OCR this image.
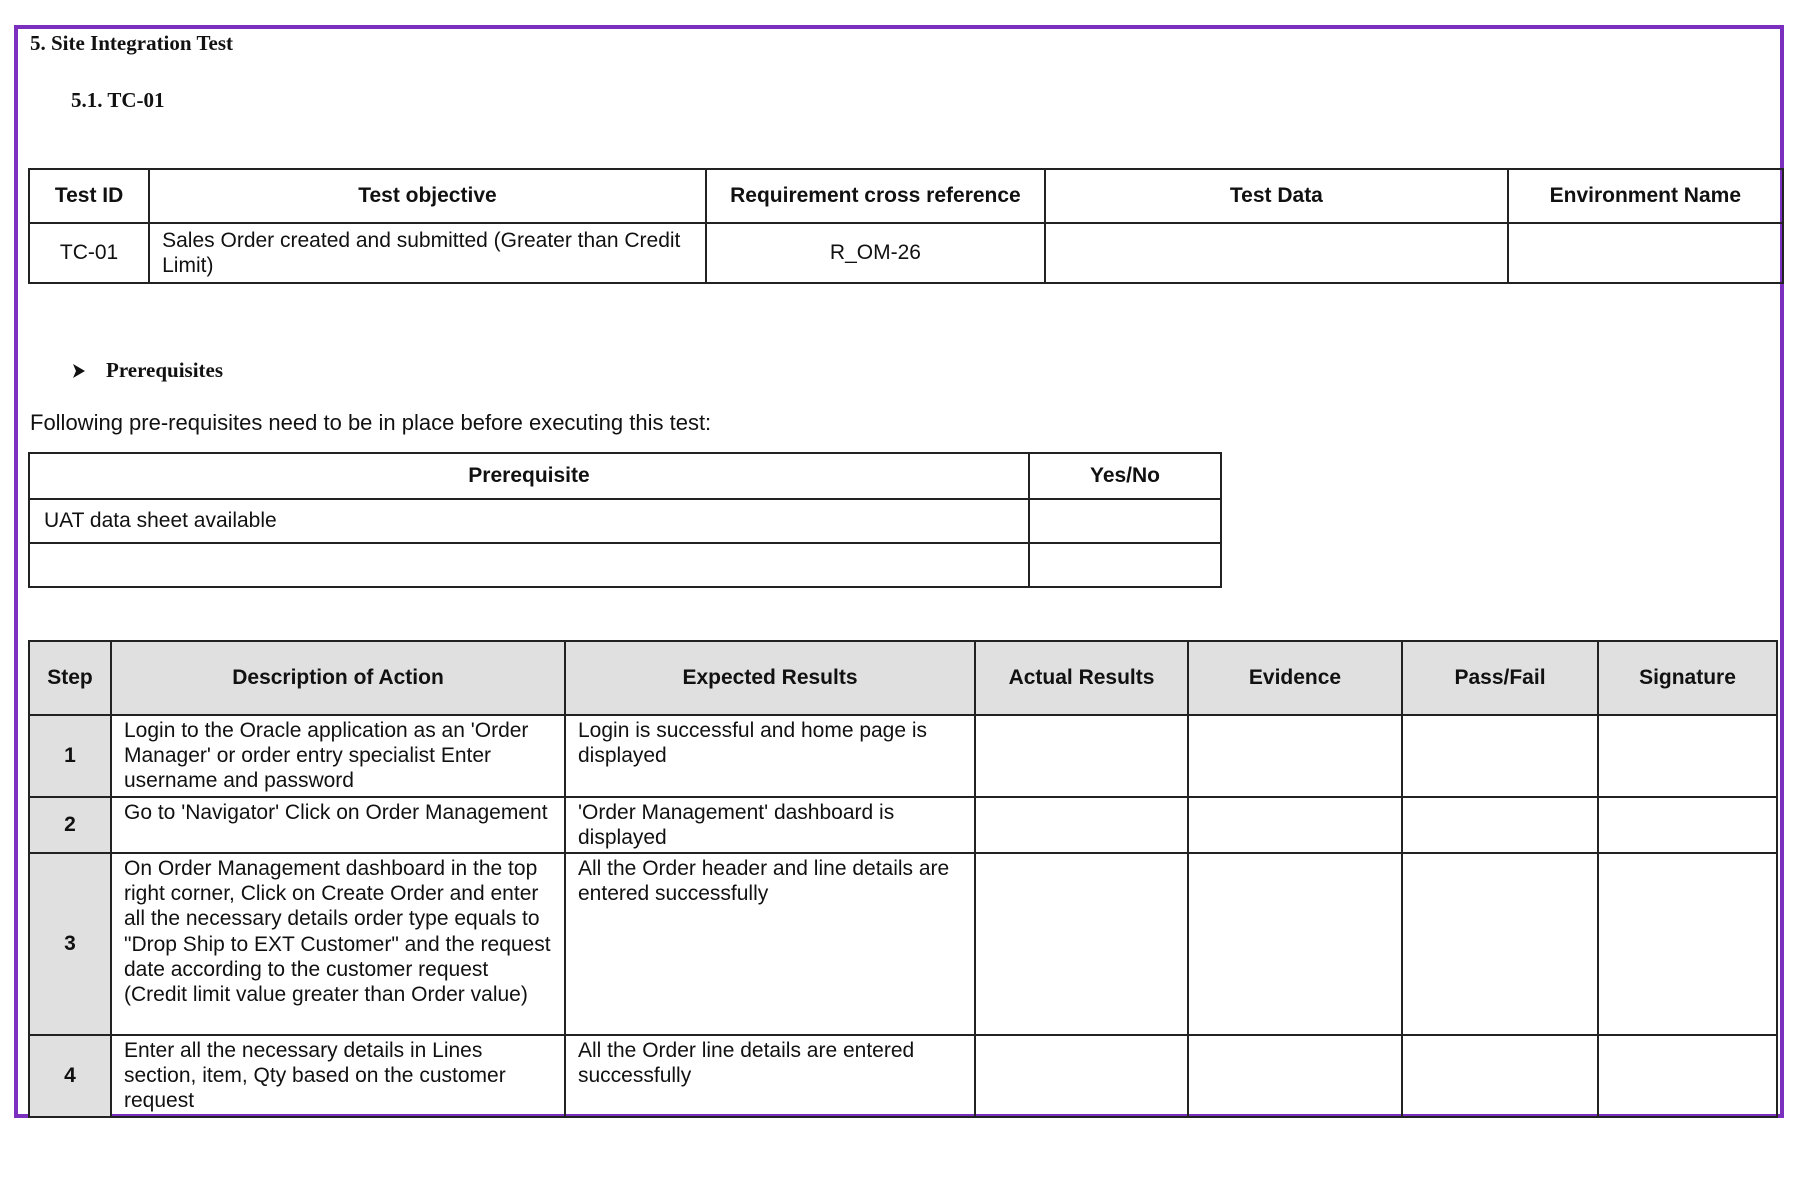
5. Site Integration Test
5.1. TC-01
Test ID	Test objective	Requirement cross reference	Test Data	Environment Name
TC-01	Sales Order created and submitted (Greater than Credit Limit)	R_OM-26		
Prerequisites
Following pre-requisites need to be in place before executing this test:
Prerequisite	Yes/No
UAT data sheet available	

Step	Description of Action	Expected Results	Actual Results	Evidence	Pass/Fail	Signature
1	Login to the Oracle application as an 'Order Manager' or order entry specialist Enter username and password	Login is successful and home page is displayed				
2	Go to 'Navigator' Click on Order Management	'Order Management' dashboard is displayed				
3	On Order Management dashboard in the top right corner, Click on Create Order and enter all the necessary details order type equals to "Drop Ship to EXT Customer" and the request date according to the customer request (Credit limit value greater than Order value)	All the Order header and line details are entered successfully				
4	Enter all the necessary details in Lines section, item, Qty based on the customer request	All the Order line details are entered successfully				
